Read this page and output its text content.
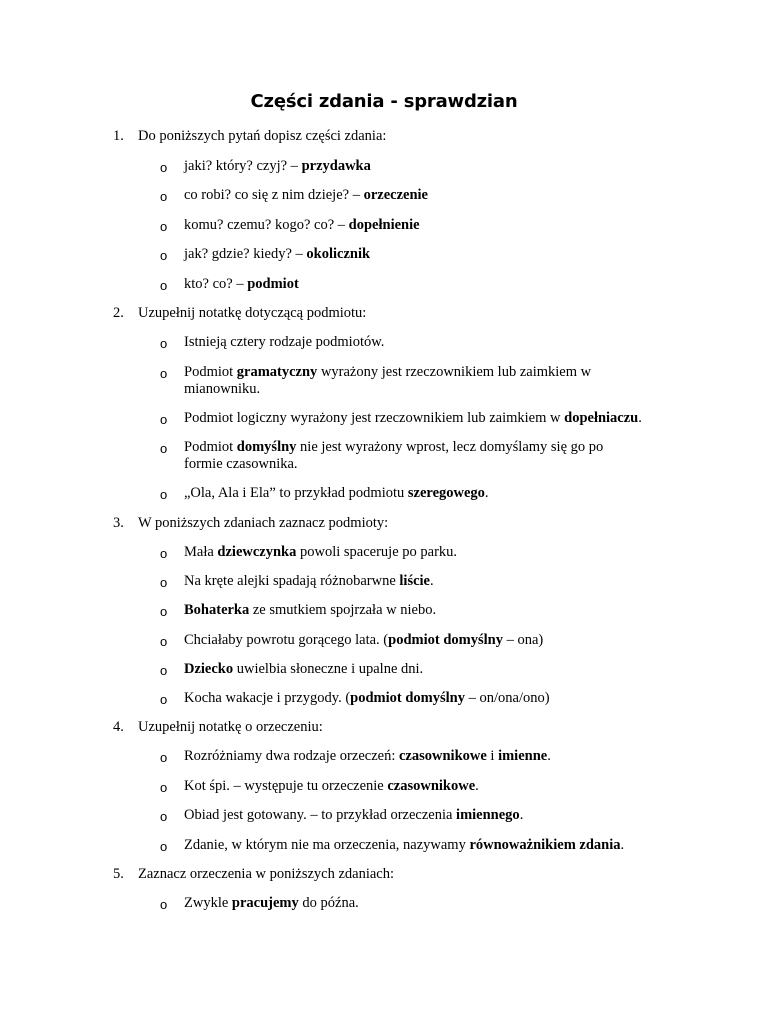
Części zdania - sprawdzian
1. Do poniższych pytań dopisz części zdania:
o jaki? który? czyj? – przydawka
o co robi? co się z nim dzieje? – orzeczenie
o komu? czemu? kogo? co? – dopełnienie
o jak? gdzie? kiedy? – okolicznik
o kto? co? – podmiot
2. Uzupełnij notatkę dotyczącą podmiotu:
o Istnieją cztery rodzaje podmiotów.
o Podmiot gramatyczny wyrażony jest rzeczownikiem lub zaimkiem w mianowniku.
o Podmiot logiczny wyrażony jest rzeczownikiem lub zaimkiem w dopełniaczu.
o Podmiot domyślny nie jest wyrażony wprost, lecz domyślamy się go po formie czasownika.
o „Ola, Ala i Ela” to przykład podmiotu szeregowego.
3. W poniższych zdaniach zaznacz podmioty:
o Mała dziewczynka powoli spaceruje po parku.
o Na kręte alejki spadają różnobarwne liście.
o Bohaterka ze smutkiem spojrzała w niebo.
o Chciałaby powrotu gorącego lata. (podmiot domyślny – ona)
o Dziecko uwielbia słoneczne i upalne dni.
o Kocha wakacje i przygody. (podmiot domyślny – on/ona/ono)
4. Uzupełnij notatkę o orzeczeniu:
o Rozróżniamy dwa rodzaje orzeczeń: czasownikowe i imienne.
o Kot śpi. – występuje tu orzeczenie czasownikowe.
o Obiad jest gotowany. – to przykład orzeczenia imiennego.
o Zdanie, w którym nie ma orzeczenia, nazywamy równoważnikiem zdania.
5. Zaznacz orzeczenia w poniższych zdaniach:
o Zwykle pracujemy do późna.
